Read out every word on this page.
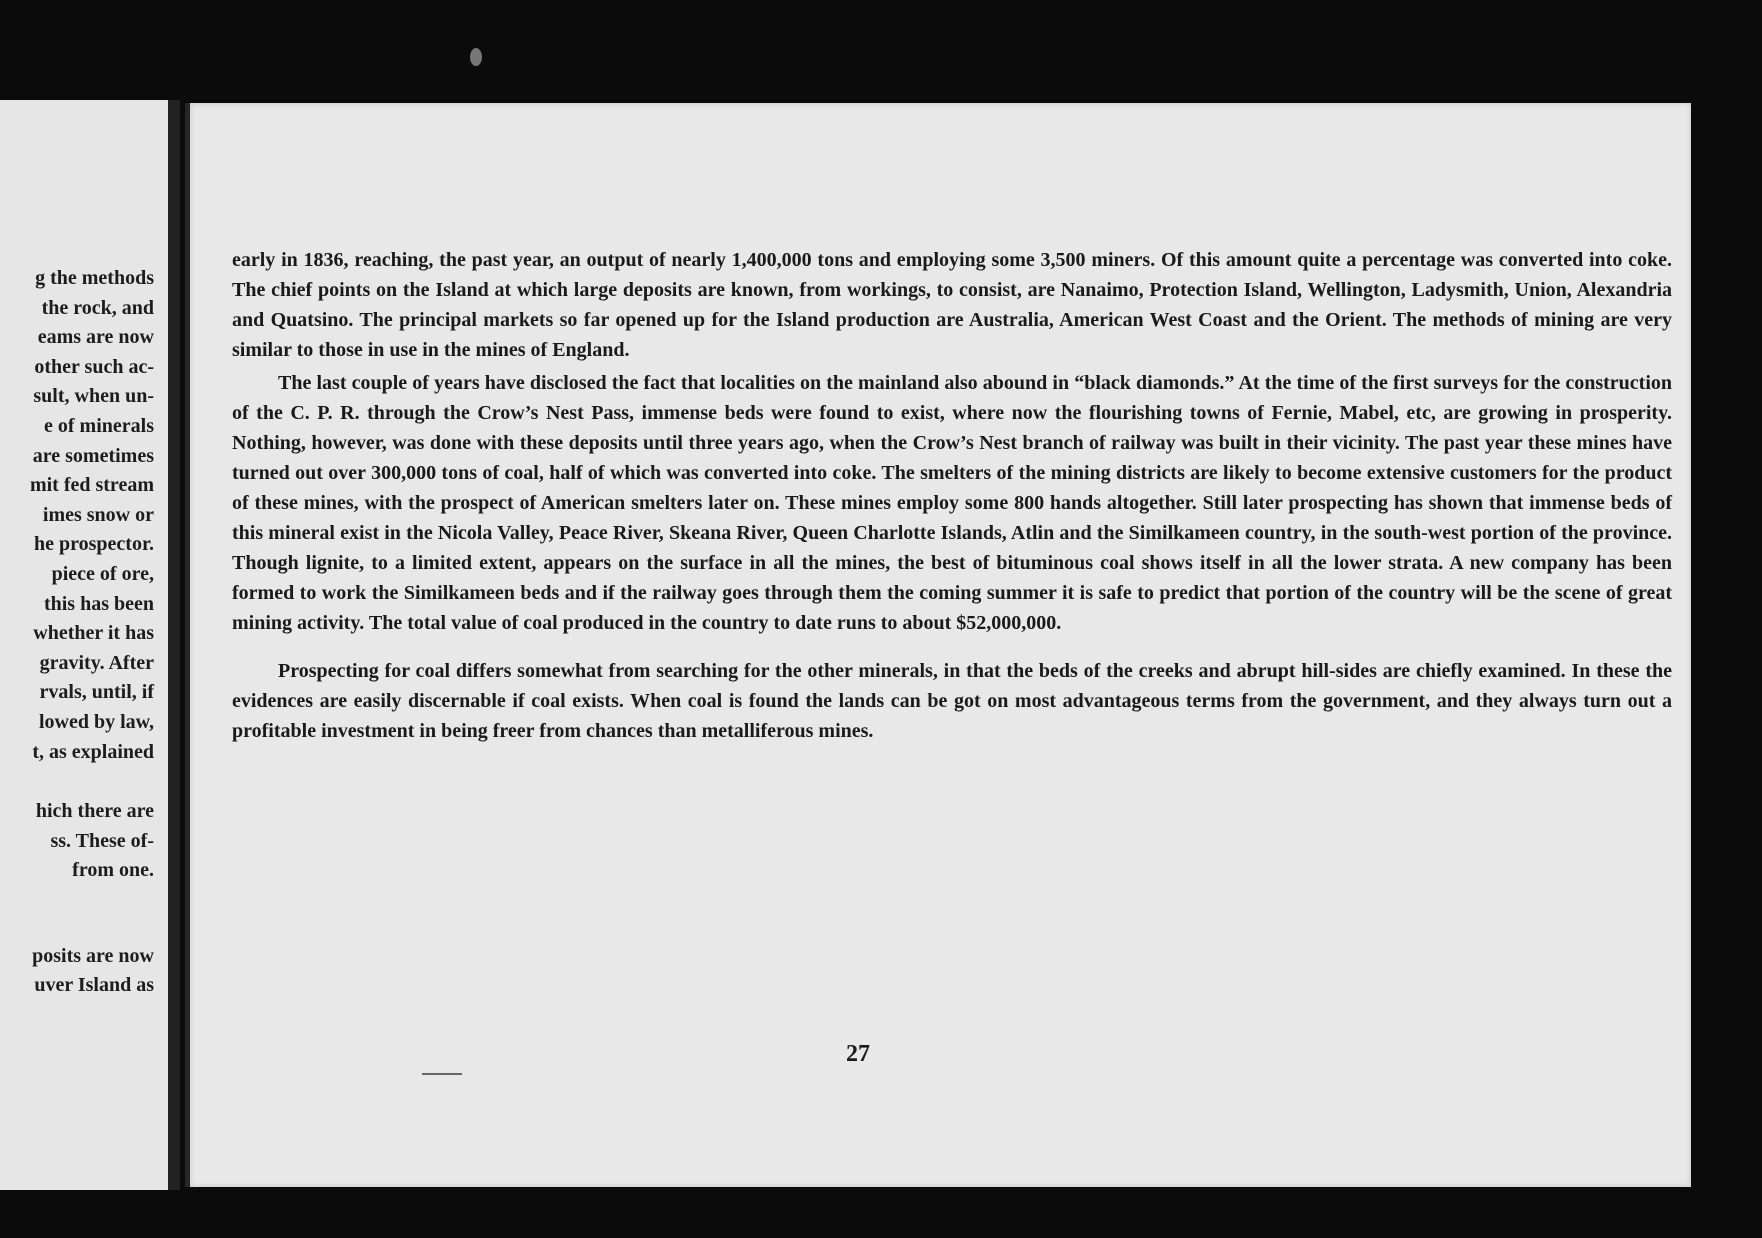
g the methods
the rock, and
eams are now
other such ac-
sult, when un-
e of minerals
are sometimes
mit fed stream
imes snow or
he prospector.
piece of ore,
this has been
whether it has
gravity. After
rvals, until, if
lowed by law,
t, as explained
hich there are
ss. These of-
from one.
posits are now
uver Island as

early in 1836, reaching, the past year, an output of nearly 1,400,000 tons and employing some 3,500 miners. Of this amount quite a percentage was converted into coke. The chief points on the Island at which large deposits are known, from workings, to consist, are Nanaimo, Protection Island, Wellington, Ladysmith, Union, Alexandria and Quatsino. The principal markets so far opened up for the Island production are Australia, American West Coast and the Orient. The methods of mining are very similar to those in use in the mines of England.

The last couple of years have disclosed the fact that localities on the mainland also abound in “black diamonds.” At the time of the first surveys for the construction of the C. P. R. through the Crow’s Nest Pass, immense beds were found to exist, where now the flourishing towns of Fernie, Mabel, etc, are growing in prosperity. Nothing, however, was done with these deposits until three years ago, when the Crow’s Nest branch of railway was built in their vicinity. The past year these mines have turned out over 300,000 tons of coal, half of which was converted into coke. The smelters of the mining districts are likely to become extensive customers for the product of these mines, with the prospect of American smelters later on. These mines employ some 800 hands altogether. Still later prospecting has shown that immense beds of this mineral exist in the Nicola Valley, Peace River, Skeana River, Queen Charlotte Islands, Atlin and the Similkameen country, in the south-west portion of the province. Though lignite, to a limited extent, appears on the surface in all the mines, the best of bituminous coal shows itself in all the lower strata. A new company has been formed to work the Similkameen beds and if the railway goes through them the coming summer it is safe to predict that portion of the country will be the scene of great mining activity. The total value of coal produced in the country to date runs to about $52,000,000.

Prospecting for coal differs somewhat from searching for the other minerals, in that the beds of the creeks and abrupt hill-sides are chiefly examined. In these the evidences are easily discernable if coal exists. When coal is found the lands can be got on most advantageous terms from the government, and they always turn out a profitable investment in being freer from chances than metalliferous mines.

27
